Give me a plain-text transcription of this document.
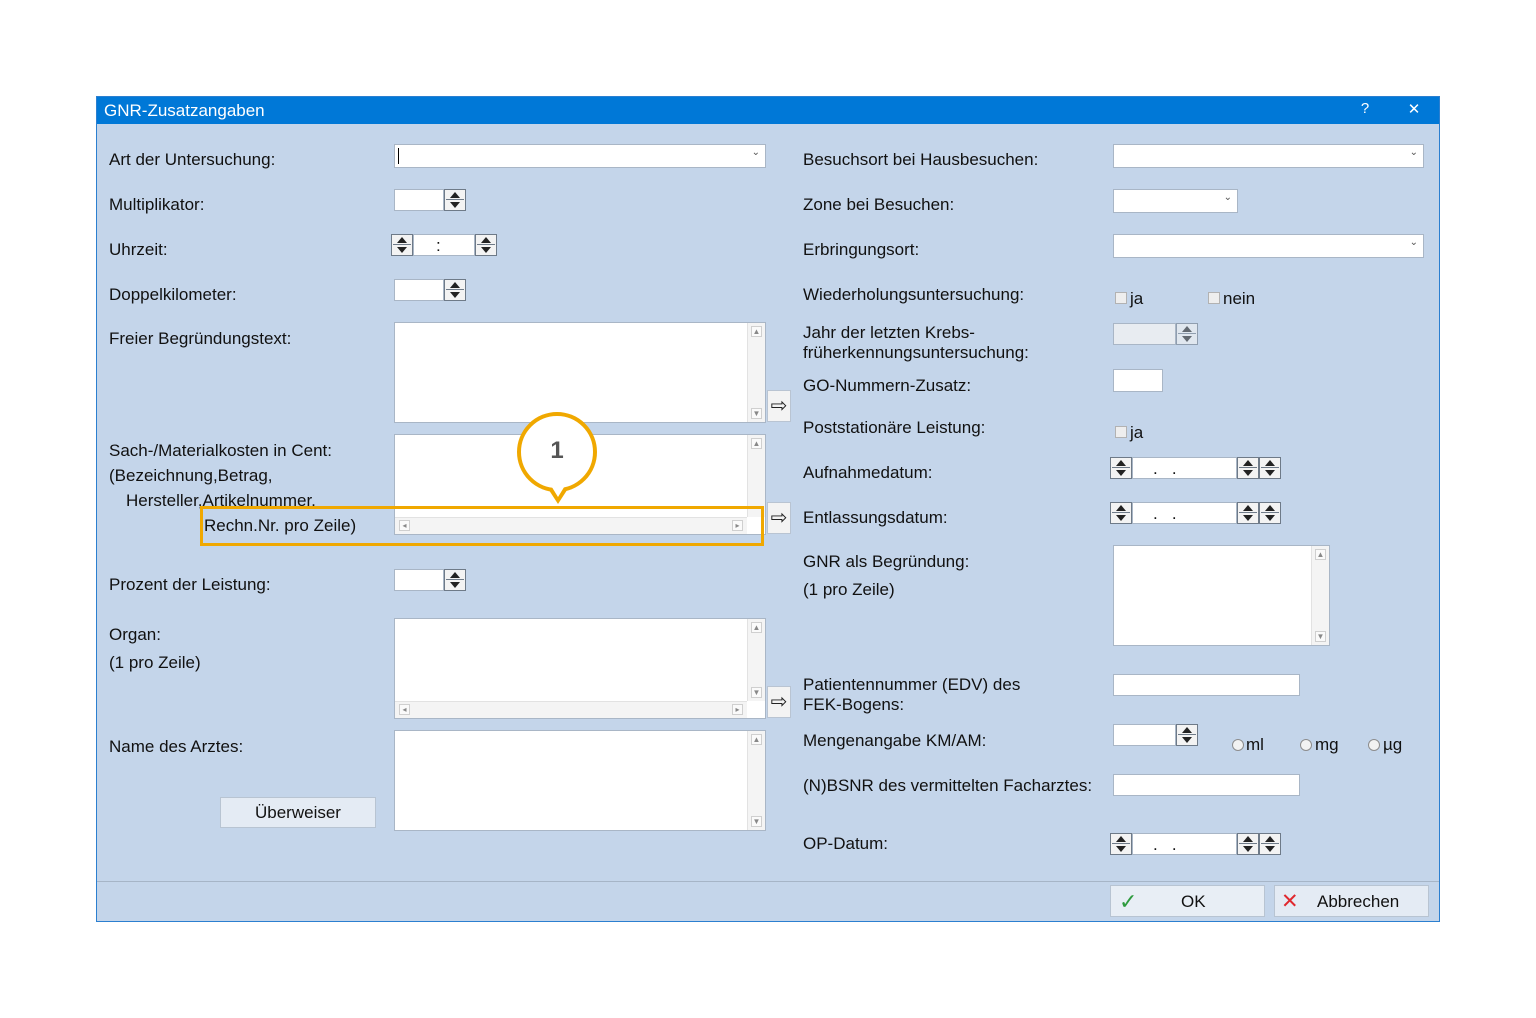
GNR-Zusatzangaben	?	✕
Art der Untersuchung:	⌄
Multiplikator:
Uhrzeit:	:
Doppelkilometer:
Freier Begründungstext:	▲
▼ ⇨
Sach-/Materialkosten in Cent:
(Bezeichnung,Betrag,
Hersteller,Artikelnummer,
▲
◂	▸
Rechn.Nr. pro Zeile)	⇨
Prozent der Leistung:
Organ:
(1 pro Zeile)
▲
▼
◂	▸ ⇨
Name des Arztes:	▲
▼
Überweiser
Besuchsort bei Hausbesuchen:	⌄
Zone bei Besuchen:	⌄
Erbringungsort:	⌄
Wiederholungsuntersuchung:	ja	nein
Jahr der letzten Krebs-
früherkennungsuntersuchung:
GO-Nummern-Zusatz:
Poststationäre Leistung:	ja
Aufnahmedatum:	.   .
Entlassungsdatum:	.   .
GNR als Begründung:
(1 pro Zeile)
▲
▼
Patientennummer (EDV) des
FEK-Bogens:
Mengenangabe KM/AM:	ml	mg	µg
(N)BSNR des vermittelten Facharztes:
OP-Datum:	.   .
✓	OK	✕ Abbrechen
1
